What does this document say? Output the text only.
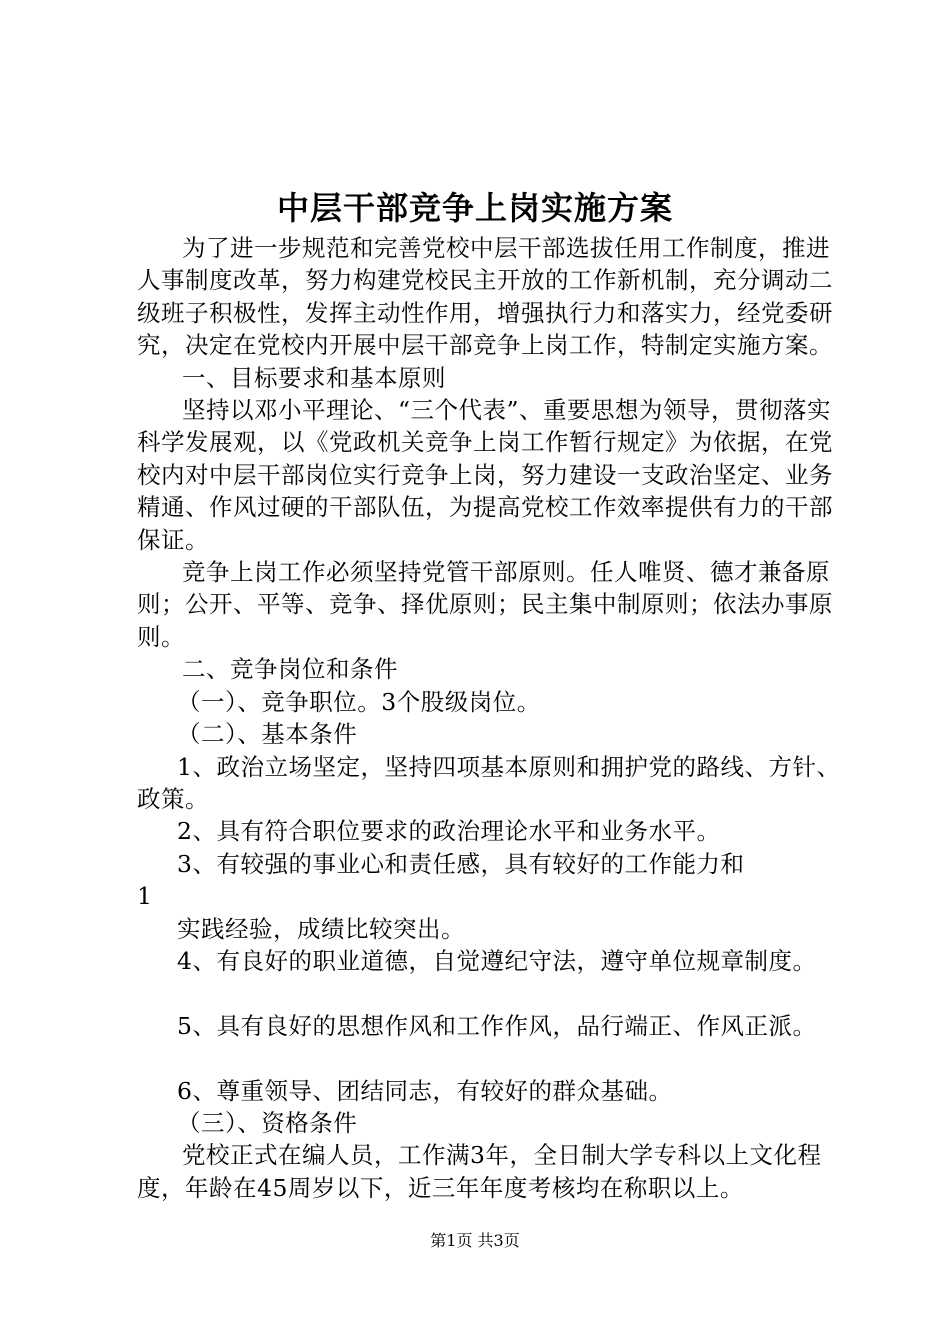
中层干部竞争上岗实施方案

为了进一步规范和完善党校中层干部选拔任用工作制度，推进人事制度改革，努力构建党校民主开放的工作新机制，充分调动二级班子积极性，发挥主动性作用，增强执行力和落实力，经党委研究，决定在党校内开展中层干部竞争上岗工作，特制定实施方案。

一、目标要求和基本原则

坚持以邓小平理论、“三个代表”、重要思想为领导，贯彻落实科学发展观，以《党政机关竞争上岗工作暂行规定》为依据，在党校内对中层干部岗位实行竞争上岗，努力建设一支政治坚定、业务精通、作风过硬的干部队伍，为提高党校工作效率提供有力的干部保证。

竞争上岗工作必须坚持党管干部原则。任人唯贤、德才兼备原则；公开、平等、竞争、择优原则；民主集中制原则；依法办事原则。

二、竞争岗位和条件

（一）、竞争职位。3个股级岗位。

（二）、基本条件

1、政治立场坚定，坚持四项基本原则和拥护党的路线、方针、政策。

2、具有符合职位要求的政治理论水平和业务水平。

3、有较强的事业心和责任感，具有较好的工作能力和

1

实践经验，成绩比较突出。

4、有良好的职业道德，自觉遵纪守法，遵守单位规章制度。

5、具有良好的思想作风和工作作风，品行端正、作风正派。

6、尊重领导、团结同志，有较好的群众基础。

（三）、资格条件

党校正式在编人员，工作满3年，全日制大学专科以上文化程度，年龄在45周岁以下，近三年年度考核均在称职以上。

第1页 共3页
